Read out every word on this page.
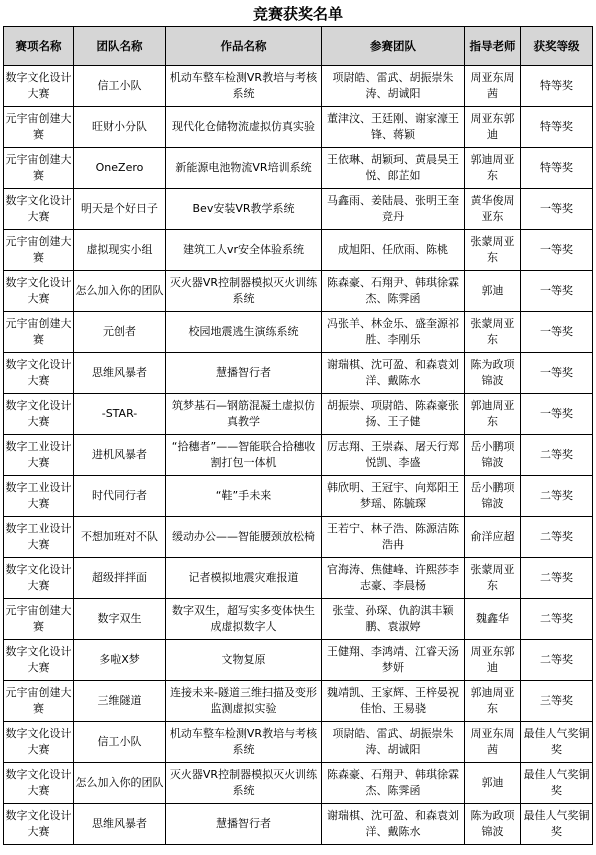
竞赛获奖名单
赛项名称	团队名称	作品名称	参赛团队	指导老师	获奖等级
数字文化设计大赛	信工小队	机动车整车检测VR教培与考核系统	项尉皓、雷武、胡振崇朱涛、胡诚阳	周亚东周茜	特等奖
元宇宙创建大赛	旺财小分队	现代化仓储物流虚拟仿真实验	董津汶、王廷刚、谢家濠王锋、蒋颖	周亚东郭迪	特等奖
元宇宙创建大赛	OneZero	新能源电池物流VR培训系统	王依琳、胡颖珂、黄晨昊王悦、郎芷如	郭迪周亚东	特等奖
数字文化设计大赛	明天是个好日子	Bev安装VR教学系统	马鑫雨、姜陆晨、张明王奎竞丹	黄华俊周亚东	一等奖
元宇宙创建大赛	虚拟现实小组	建筑工人vr安全体验系统	成旭阳、任欣雨、陈桃	张蒙周亚东	一等奖
数字文化设计大赛	怎么加入你的团队	灭火器VR控制器模拟灭火训练系统	陈森豪、石翔尹、韩琪徐霖杰、陈霁函	郭迪	一等奖
元宇宙创建大赛	元创者	校园地震逃生演练系统	冯张羊、林金乐、盛奎源祁胜、李刚乐	张蒙周亚东	一等奖
数字文化设计大赛	思维风暴者	慧播智行者	谢瑞棋、沈可盈、和森袁刘洋、戴陈水	陈为政项锦波	一等奖
数字文化设计大赛	-STAR-	筑梦基石—钢筋混凝土虚拟仿真教学	胡振崇、项尉皓、陈森豪张扬、王子健	郭迪周亚东	一等奖
数字工业设计大赛	进机风暴者	“拾穗者”——智能联合拾穗收割打包一体机	厉志翔、王崇森、屠天行郑悦凯、李盛	岳小鹏项锦波	二等奖
数字工业设计大赛	时代同行者	“鞋”手未来	韩欣明、王冠宇、向郑阳王梦瑶、陈毓琛	岳小鹏项锦波	二等奖
数字工业设计大赛	不想加班对不队	缓动办公——智能腰颈放松椅	王若宁、林子浩、陈源洁陈浩冉	俞洋应超	二等奖
数字文化设计大赛	超级拌拌面	记者模拟地震灾难报道	官海涛、焦健峰、许熙莎李志豪、李晨杨	张蒙周亚东	二等奖
元宇宙创建大赛	数字双生	数字双生，超写实多变体快生成虚拟数字人	张莹、孙琛、仇韵淇丰颖鹏、袁淑婷	魏鑫华	二等奖
数字文化设计大赛	多啦X梦	文物复原	王健翔、李鸿靖、江睿天汤梦妍	周亚东郭迪	二等奖
元宇宙创建大赛	三维隧道	连接未来-隧道三维扫描及变形监测虚拟实验	魏靖凯、王家辉、王梓晏祝佳怡、王易骁	郭迪周亚东	三等奖
数字文化设计大赛	信工小队	机动车整车检测VR教培与考核系统	项尉皓、雷武、胡振崇朱涛、胡诚阳	周亚东周茜	最佳人气奖铜奖
数字文化设计大赛	怎么加入你的团队	灭火器VR控制器模拟灭火训练系统	陈森豪、石翔尹、韩琪徐霖杰、陈霁函	郭迪	最佳人气奖铜奖
数字文化设计大赛	思维风暴者	慧播智行者	谢瑞棋、沈可盈、和森袁刘洋、戴陈水	陈为政项锦波	最佳人气奖铜奖
